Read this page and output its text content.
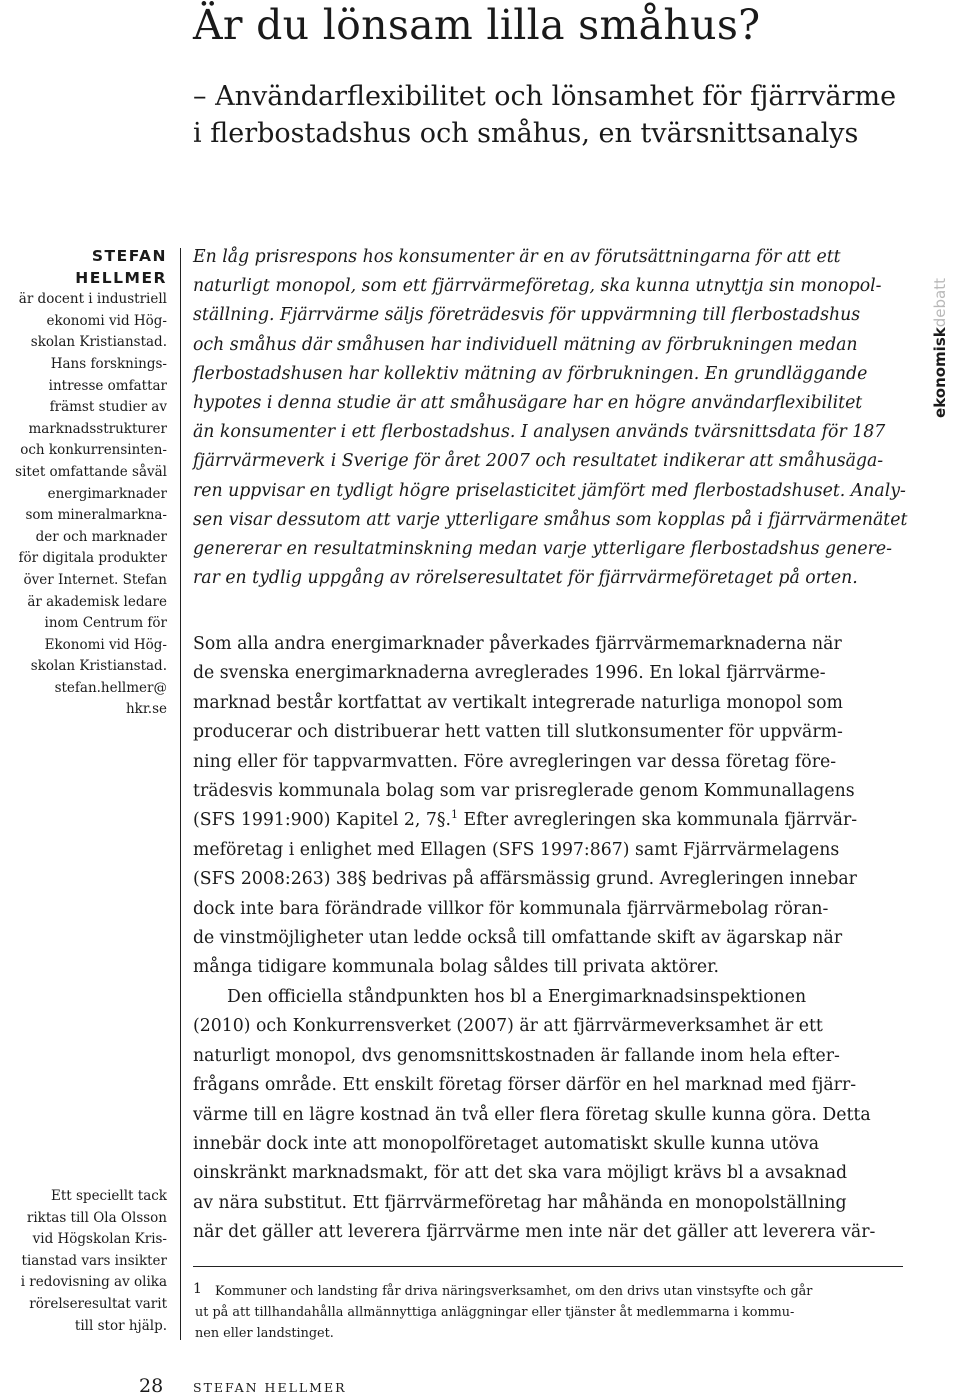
Är du lönsam lilla småhus?
– Användarflexibilitet och lönsamhet för fjärrvärme
i flerbostadshus och småhus, en tvärsnittsanalys
STEFAN
HELLMER
är docent i industriell
ekonomi vid Hög-
skolan Kristianstad.
Hans forsknings-
intresse omfattar
främst studier av
marknadsstrukturer
och konkurrensinten-
sitet omfattande såväl
energimarknader
som mineralmarkna-
der och marknader
för digitala produkter
över Internet. Stefan
är akademisk ledare
inom Centrum för
Ekonomi vid Hög-
skolan Kristianstad.
stefan.hellmer@
hkr.se
Ett speciellt tack
riktas till Ola Olsson
vid Högskolan Kris-
tianstad vars insikter
i redovisning av olika
rörelseresultat varit
till stor hjälp.
En låg prisrespons hos konsumenter är en av förutsättningarna för att ett
naturligt monopol, som ett fjärrvärmeföretag, ska kunna utnyttja sin monopol-
ställning. Fjärrvärme säljs företrädesvis för uppvärmning till flerbostadshus
och småhus där småhusen har individuell mätning av förbrukningen medan
flerbostadshusen har kollektiv mätning av förbrukningen. En grundläggande
hypotes i denna studie är att småhusägare har en högre användarflexibilitet
än konsumenter i ett flerbostadshus. I analysen används tvärsnittsdata för 187
fjärrvärmeverk i Sverige för året 2007 och resultatet indikerar att småhusäga-
ren uppvisar en tydligt högre priselasticitet jämfört med flerbostadshuset. Analy-
sen visar dessutom att varje ytterligare småhus som kopplas på i fjärrvärmenätet
genererar en resultatminskning medan varje ytterligare flerbostadshus genere-
rar en tydlig uppgång av rörelseresultatet för fjärrvärmeföretaget på orten.
Som alla andra energimarknader påverkades fjärrvärmemarknaderna när
de svenska energimarknaderna avreglerades 1996. En lokal fjärrvärme-
marknad består kortfattat av vertikalt integrerade naturliga monopol som
producerar och distribuerar hett vatten till slutkonsumenter för uppvärm-
ning eller för tappvarmvatten. Före avregleringen var dessa företag före-
trädesvis kommunala bolag som var prisreglerade genom Kommunallagens
(SFS 1991:900) Kapitel 2, 7§.$^1$ Efter avregleringen ska kommunala fjärrvär-
meföretag i enlighet med Ellagen (SFS 1997:867) samt Fjärrvärmelagens
(SFS 2008:263) 38§ bedrivas på affärsmässig grund. Avregleringen innebar
dock inte bara förändrade villkor för kommunala fjärrvärmebolag röran-
de vinstmöjligheter utan ledde också till omfattande skift av ägarskap när
många tidigare kommunala bolag såldes till privata aktörer.
Den officiella ståndpunkten hos bl a Energimarknadsinspektionen
(2010) och Konkurrensverket (2007) är att fjärrvärmeverksamhet är ett
naturligt monopol, dvs genomsnittskostnaden är fallande inom hela efter-
frågans område. Ett enskilt företag förser därför en hel marknad med fjärr-
värme till en lägre kostnad än två eller flera företag skulle kunna göra. Detta
innebär dock inte att monopolföretaget automatiskt skulle kunna utöva
oinskränkt marknadsmakt, för att det ska vara möjligt krävs bl a avsaknad
av nära substitut. Ett fjärrvärmeföretag har måhända en monopolställning
när det gäller att leverera fjärrvärme men inte när det gäller att leverera vär-
1 Kommuner och landsting får driva näringsverksamhet, om den drivs utan vinstsyfte och går
ut på att tillhandahålla allmännyttiga anläggningar eller tjänster åt medlemmarna i kommu-
nen eller landstinget.
ekonomiskdebatt
28 STEFAN HELLMER
